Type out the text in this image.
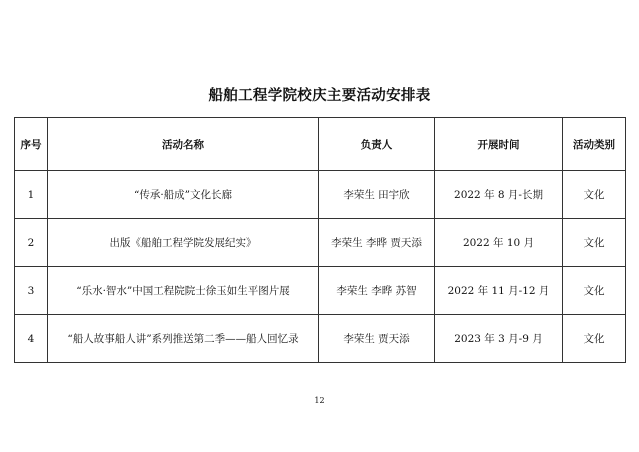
船舶工程学院校庆主要活动安排表
序号	活动名称	负责人	开展时间	活动类别
1	“传承·船成”文化长廊	李荣生 田宇欣	2022 年 8 月-长期	文化
2	出版《船舶工程学院发展纪实》	李荣生 李晔 贾天添	2022 年 10 月	文化
3	“乐水·智水”中国工程院院士徐玉如生平图片展	李荣生 李晔 苏智	2022 年 11 月-12 月	文化
4	“船人故事船人讲”系列推送第二季——船人回忆录	李荣生 贾天添	2023 年 3 月-9 月	文化
12
